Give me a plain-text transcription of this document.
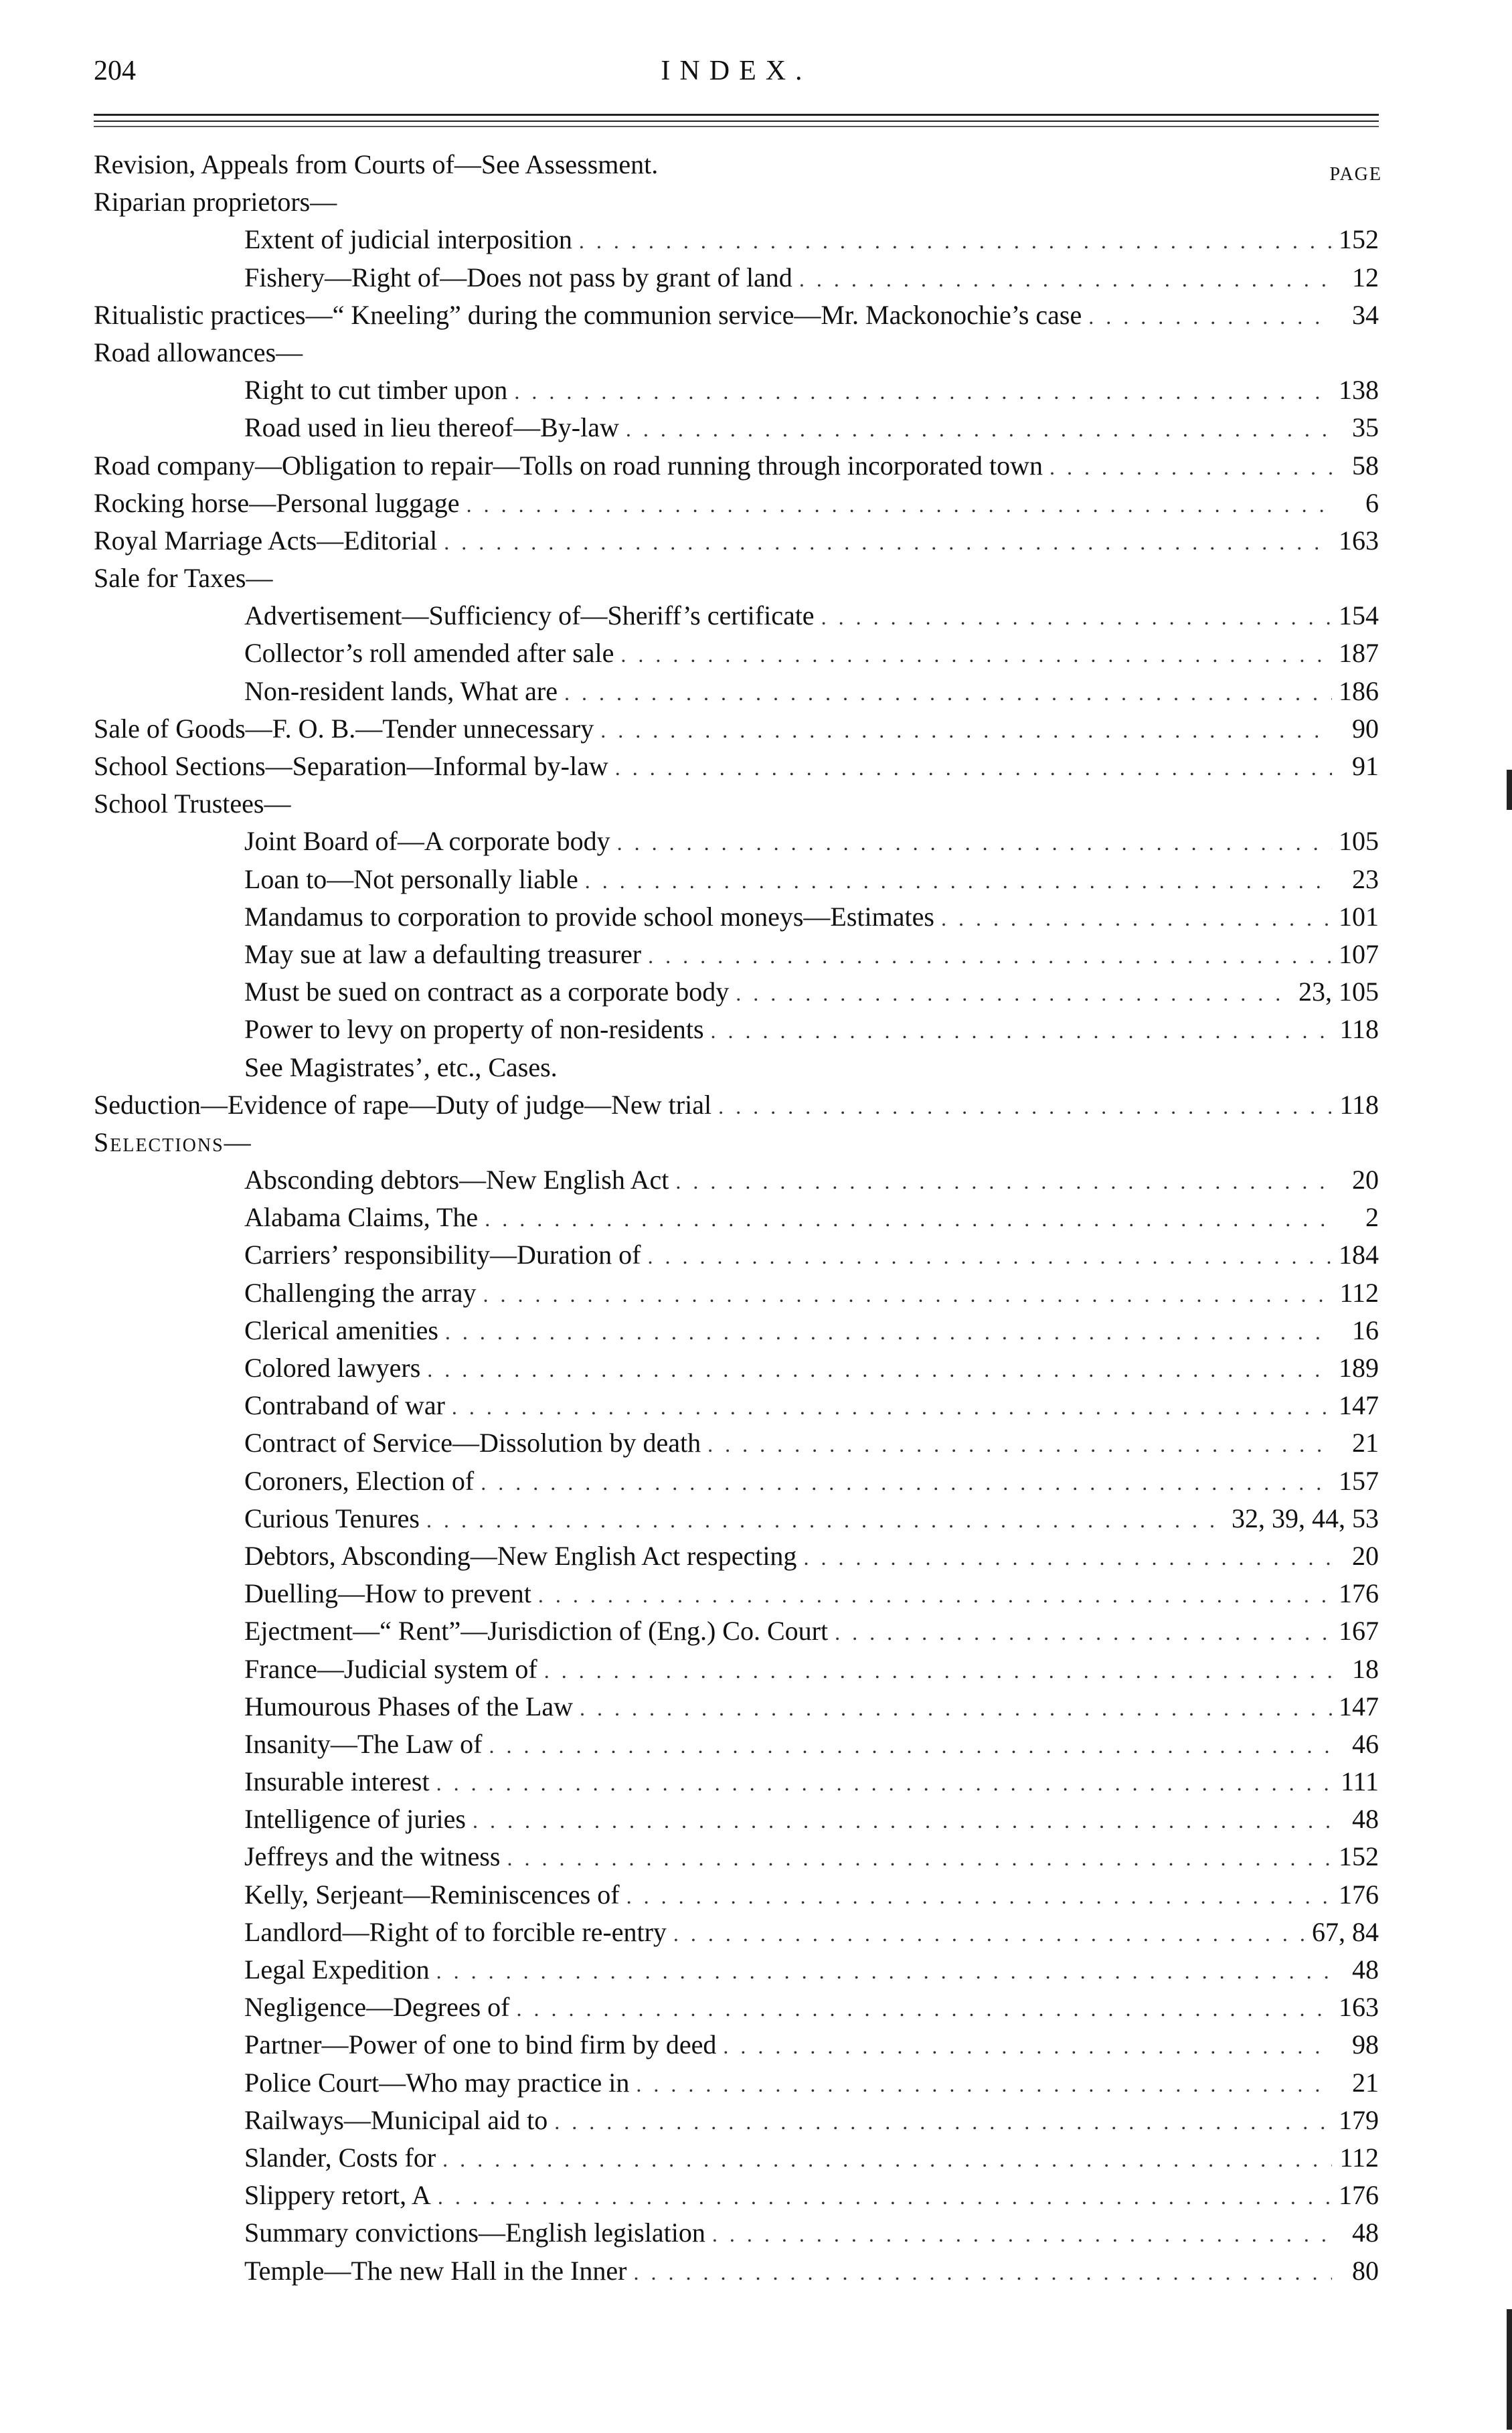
204	INDEX.
PAGE
Revision, Appeals from Courts of—See Assessment.
Riparian proprietors—
Extent of judicial interposition . . .	152
Fishery—Right of—Does not pass by grant of land . . .	12
Ritualistic practices—“ Kneeling” during the communion service—Mr. Mackonochie’s case . . .	34
Road allowances—
Right to cut timber upon . . .	138
Road used in lieu thereof—By-law . . .	35
Road company—Obligation to repair—Tolls on road running through incorporated town . . .	58
Rocking horse—Personal luggage . . .	6
Royal Marriage Acts—Editorial . . .	163
Sale for Taxes—
Advertisement—Sufficiency of—Sheriff’s certificate . . .	154
Collector’s roll amended after sale . . .	187
Non-resident lands, What are . . .	186
Sale of Goods—F. O. B.—Tender unnecessary . . .	90
School Sections—Separation—Informal by-law . . .	91
School Trustees—
Joint Board of—A corporate body . . .	105
Loan to—Not personally liable . . .	23
Mandamus to corporation to provide school moneys—Estimates . . .	101
May sue at law a defaulting treasurer . . .	107
Must be sued on contract as a corporate body . . .	23, 105
Power to levy on property of non-residents . . .	118
See Magistrates’, etc., Cases.
Seduction—Evidence of rape—Duty of judge—New trial . . .	118
Selections—
Absconding debtors—New English Act . . .	20
Alabama Claims, The . . .	2
Carriers’ responsibility—Duration of . . .	184
Challenging the array . . .	112
Clerical amenities . . .	16
Colored lawyers . . .	189
Contraband of war . . .	147
Contract of Service—Dissolution by death . . .	21
Coroners, Election of . . .	157
Curious Tenures . . .	32, 39, 44, 53
Debtors, Absconding—New English Act respecting . . .	20
Duelling—How to prevent . . .	176
Ejectment—“ Rent”—Jurisdiction of (Eng.) Co. Court . . .	167
France—Judicial system of . . .	18
Humourous Phases of the Law . . .	147
Insanity—The Law of . . .	46
Insurable interest . . .	111
Intelligence of juries . . .	48
Jeffreys and the witness . . .	152
Kelly, Serjeant—Reminiscences of . . .	176
Landlord—Right of to forcible re-entry . . .	67, 84
Legal Expedition . . .	48
Negligence—Degrees of . . .	163
Partner—Power of one to bind firm by deed . . .	98
Police Court—Who may practice in . . .	21
Railways—Municipal aid to . . .	179
Slander, Costs for . . .	112
Slippery retort, A . . .	176
Summary convictions—English legislation . . .	48
Temple—The new Hall in the Inner . . .	80
